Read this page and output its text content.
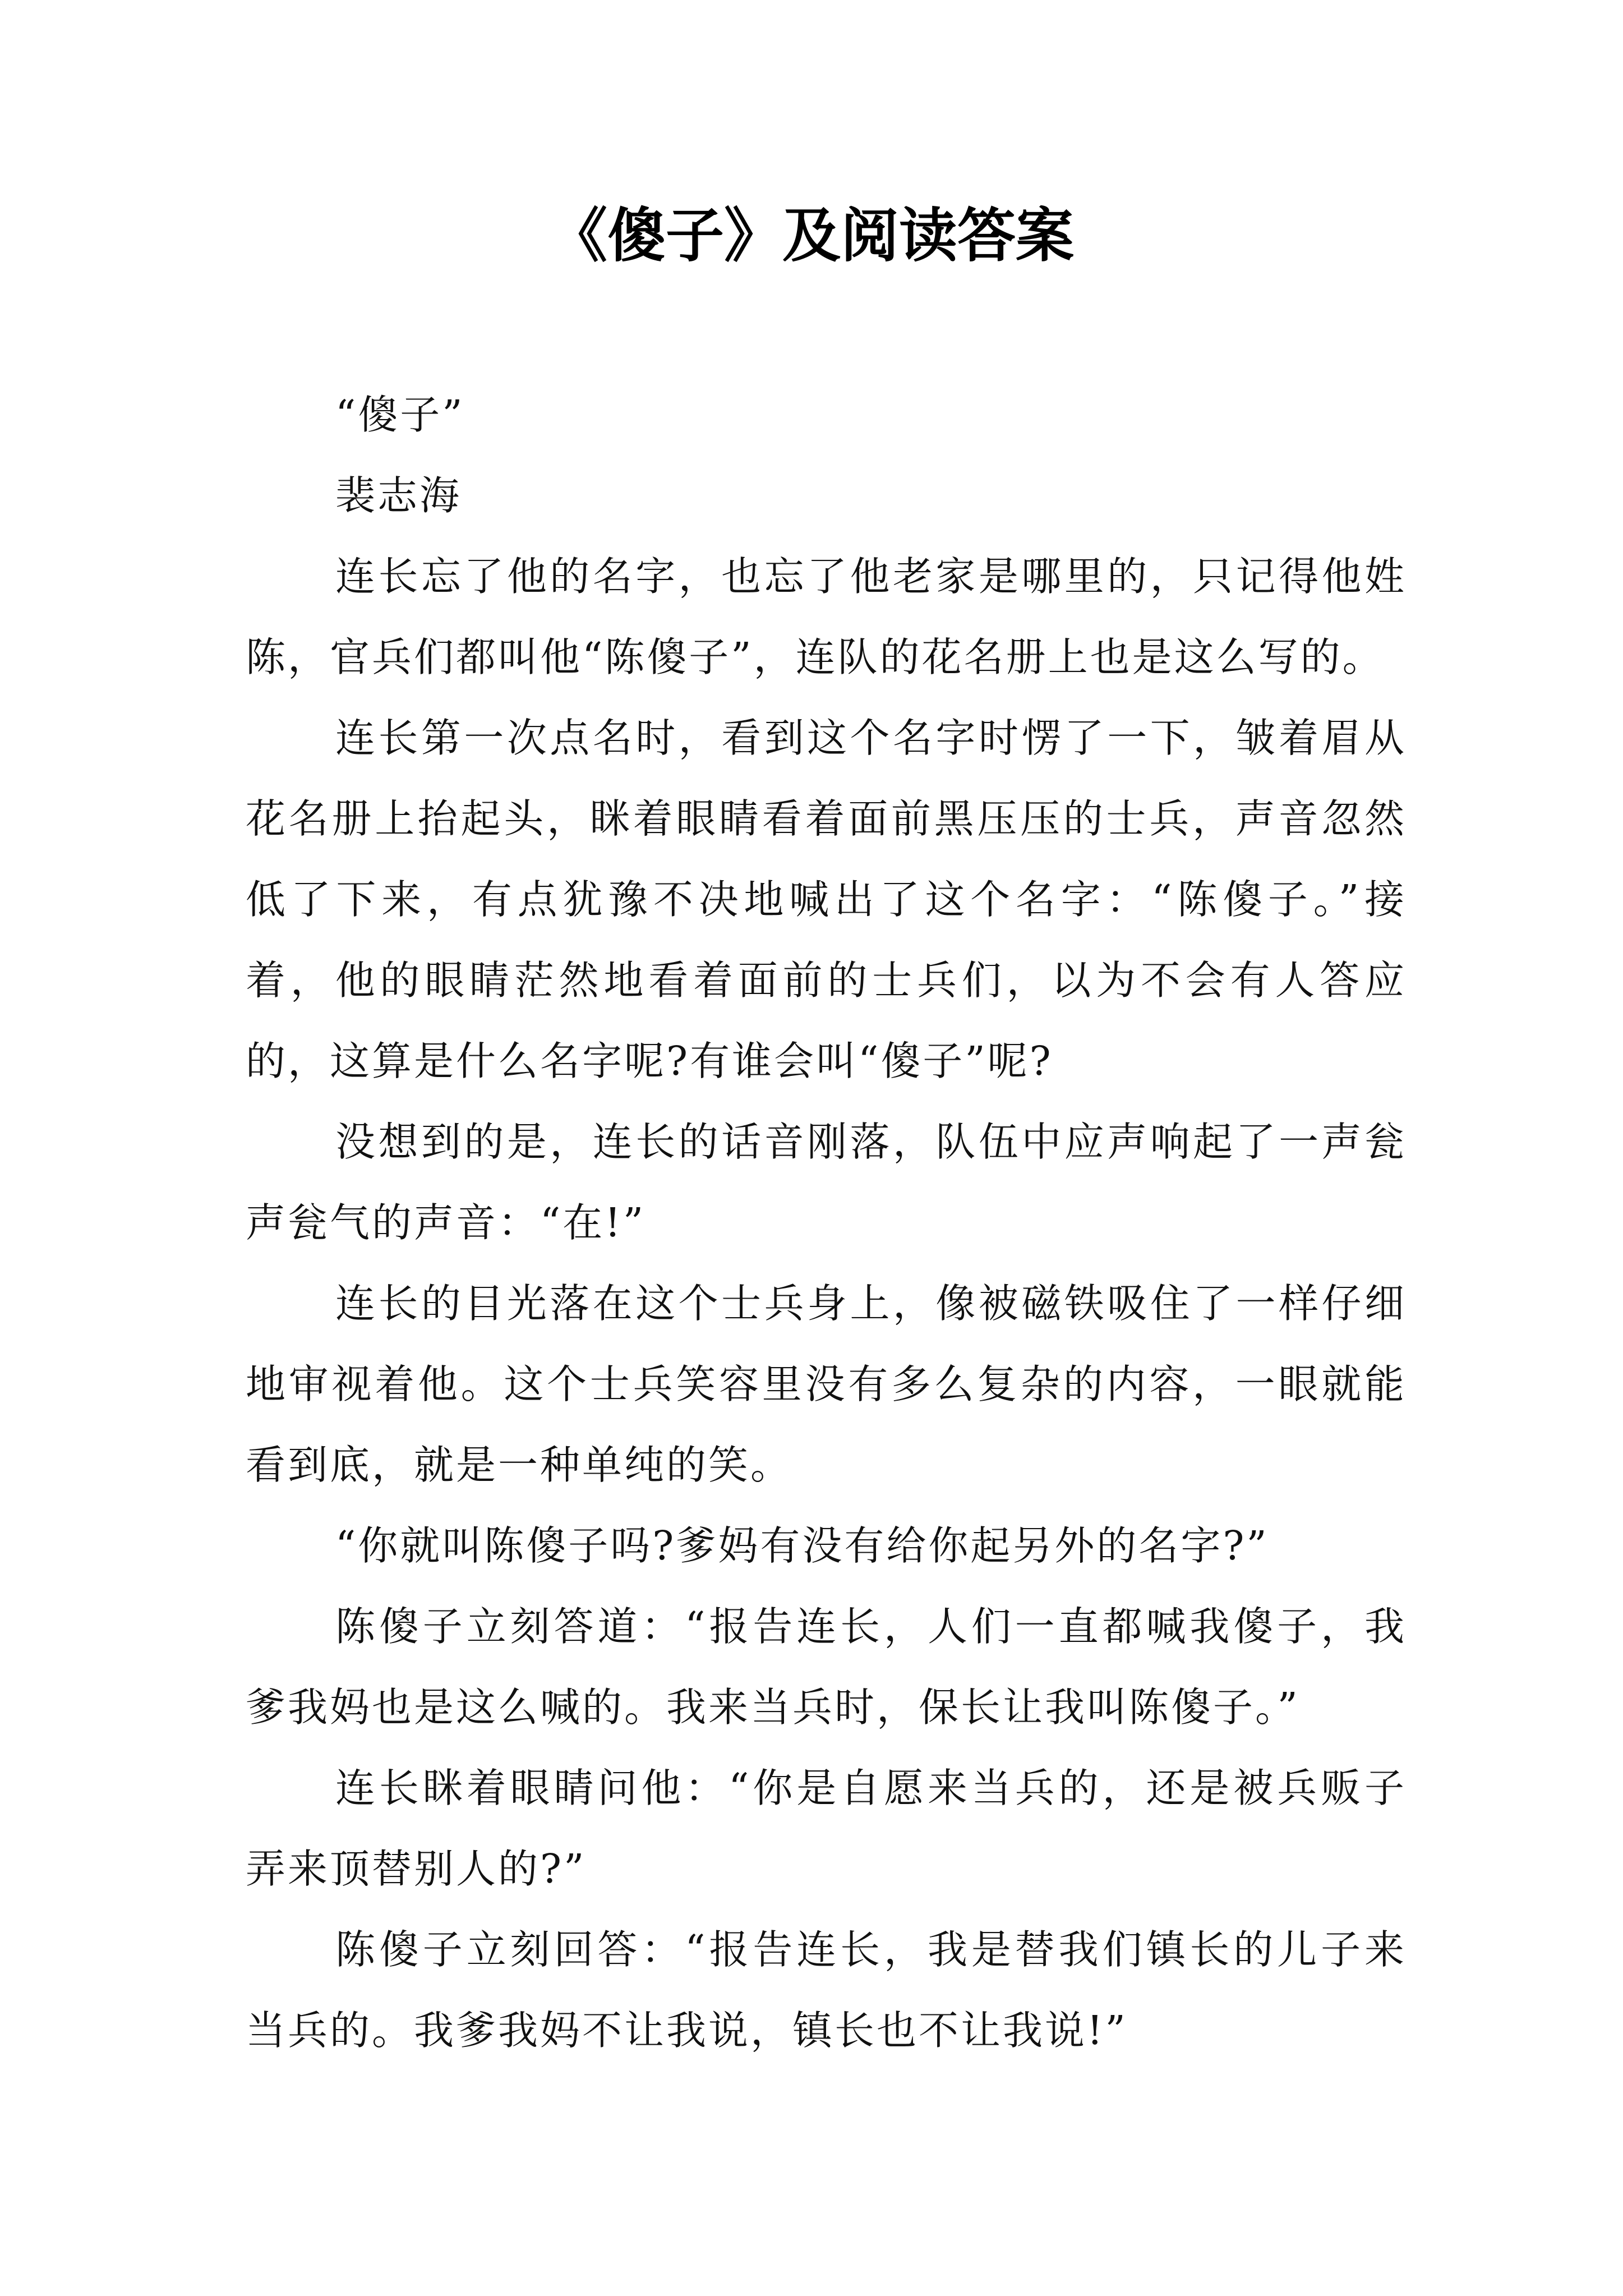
《傻子》及阅读答案

“傻子”

裴志海

连长忘了他的名字，也忘了他老家是哪里的，只记得他姓陈，官兵们都叫他“陈傻子”，连队的花名册上也是这么写的。

连长第一次点名时，看到这个名字时愣了一下，皱着眉从花名册上抬起头，眯着眼睛看着面前黑压压的士兵，声音忽然低了下来，有点犹豫不决地喊出了这个名字：“陈傻子。”接着，他的眼睛茫然地看着面前的士兵们，以为不会有人答应的，这算是什么名字呢?有谁会叫“傻子”呢?

没想到的是，连长的话音刚落，队伍中应声响起了一声瓮声瓮气的声音：“在!”

连长的目光落在这个士兵身上，像被磁铁吸住了一样仔细地审视着他。这个士兵笑容里没有多么复杂的内容，一眼就能看到底，就是一种单纯的笑。

“你就叫陈傻子吗?爹妈有没有给你起另外的名字?”

陈傻子立刻答道：“报告连长，人们一直都喊我傻子，我爹我妈也是这么喊的。我来当兵时，保长让我叫陈傻子。”

连长眯着眼睛问他：“你是自愿来当兵的，还是被兵贩子弄来顶替别人的?”

陈傻子立刻回答：“报告连长，我是替我们镇长的儿子来当兵的。我爹我妈不让我说，镇长也不让我说!”
